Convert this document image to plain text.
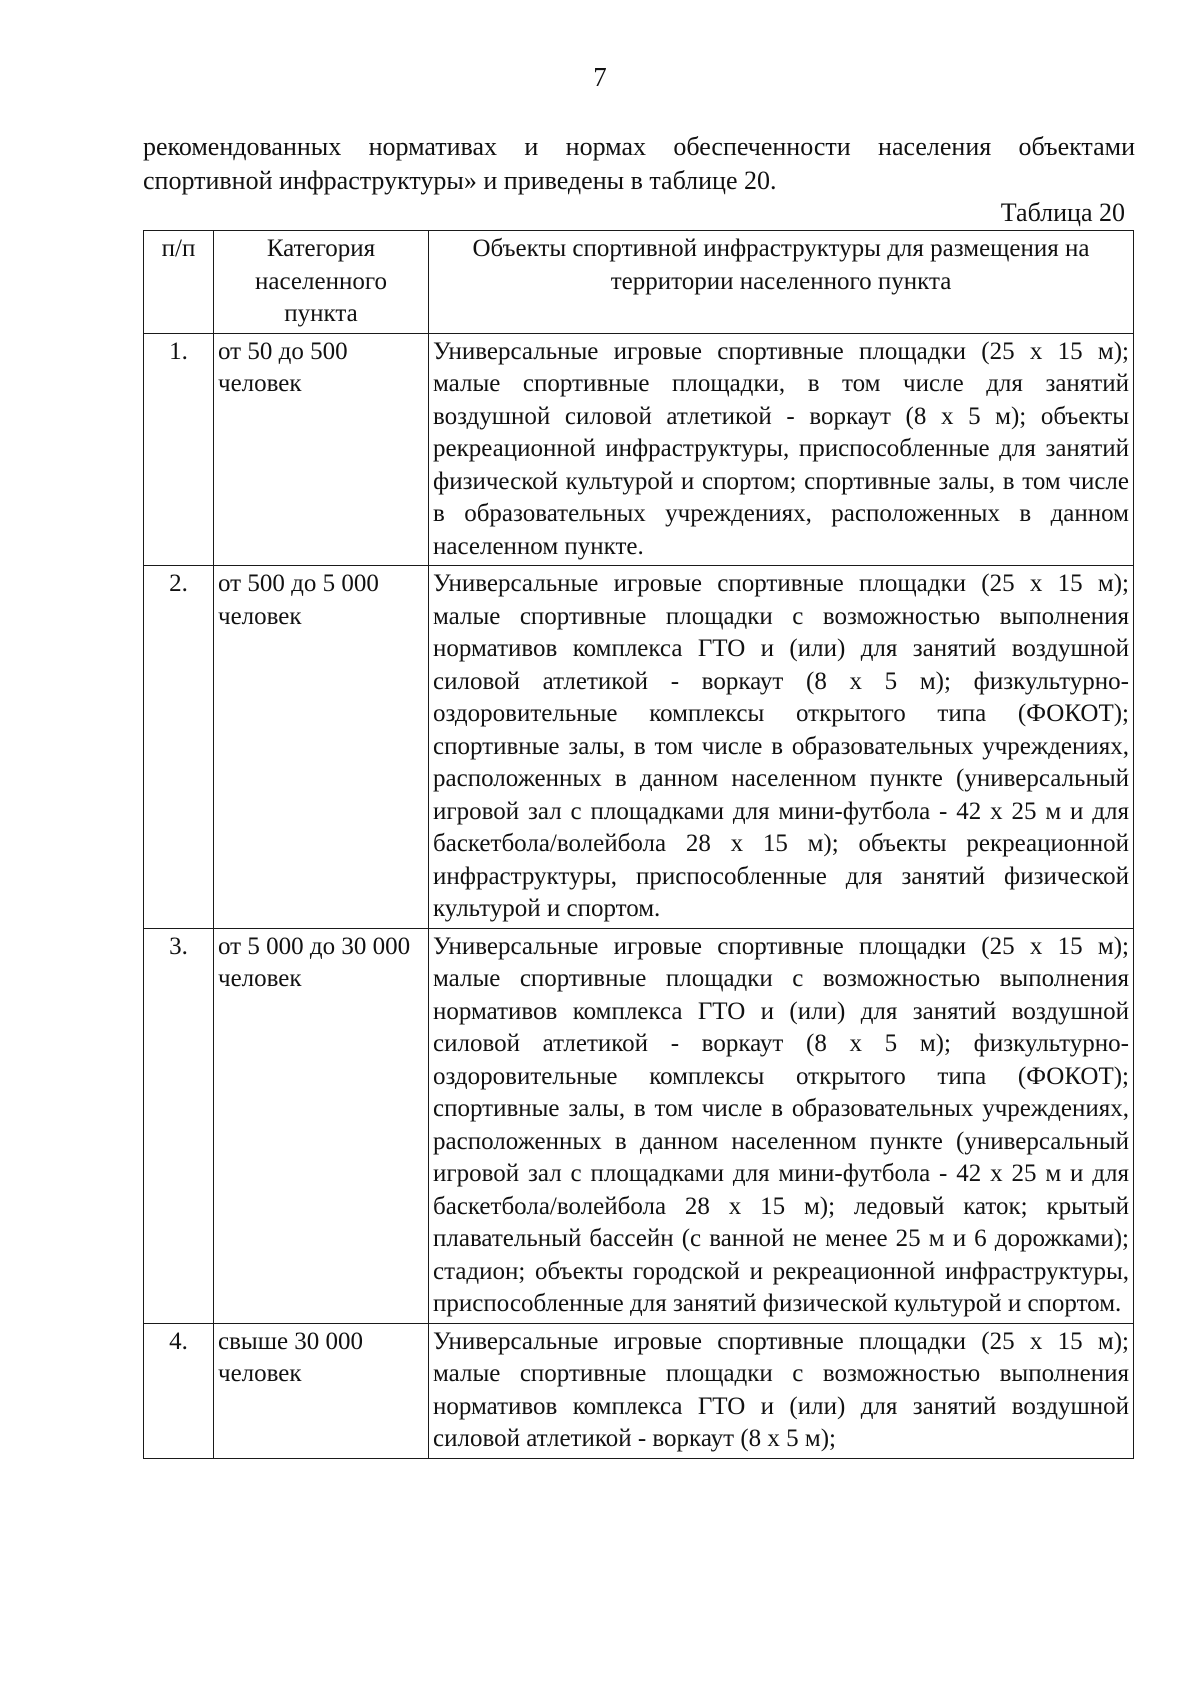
7
рекомендованных нормативах и нормах обеспеченности населения объектами спортивной инфраструктуры» и приведены в таблице 20.
Таблица 20
п/п	Категория населенного пункта	Объекты спортивной инфраструктуры для размещения на территории населенного пункта
1.	от 50 до 500 человек	Универсальные игровые спортивные площадки (25 х 15 м); малые спортивные площадки, в том числе для занятий воздушной силовой атлетикой - воркаут (8 х 5 м); объекты рекреационной инфраструктуры, приспособленные для занятий физической культурой и спортом; спортивные залы, в том числе в образовательных учреждениях, расположенных в данном населенном пункте.
2.	от 500 до 5 000 человек	Универсальные игровые спортивные площадки (25 х 15 м); малые спортивные площадки с возможностью выполнения нормативов комплекса ГТО и (или) для занятий воздушной силовой атлетикой - воркаут (8 х 5 м); физкультурно-оздоровительные комплексы открытого типа (ФОКОТ); спортивные залы, в том числе в образовательных учреждениях, расположенных в данном населенном пункте (универсальный игровой зал с площадками для мини-футбола - 42 х 25 м и для баскетбола/волейбола 28 х 15 м); объекты рекреационной инфраструктуры, приспособленные для занятий физической культурой и спортом.
3.	от 5 000 до 30 000 человек	Универсальные игровые спортивные площадки (25 х 15 м); малые спортивные площадки с возможностью выполнения нормативов комплекса ГТО и (или) для занятий воздушной силовой атлетикой - воркаут (8 х 5 м); физкультурно-оздоровительные комплексы открытого типа (ФОКОТ); спортивные залы, в том числе в образовательных учреждениях, расположенных в данном населенном пункте (универсальный игровой зал с площадками для мини-футбола - 42 х 25 м и для баскетбола/волейбола 28 х 15 м); ледовый каток; крытый плавательный бассейн (с ванной не менее 25 м и 6 дорожками); стадион; объекты городской и рекреационной инфраструктуры, приспособленные для занятий физической культурой и спортом.
4.	свыше 30 000 человек	Универсальные игровые спортивные площадки (25 х 15 м); малые спортивные площадки с возможностью выполнения нормативов комплекса ГТО и (или) для занятий воздушной силовой атлетикой - воркаут (8 х 5 м);
